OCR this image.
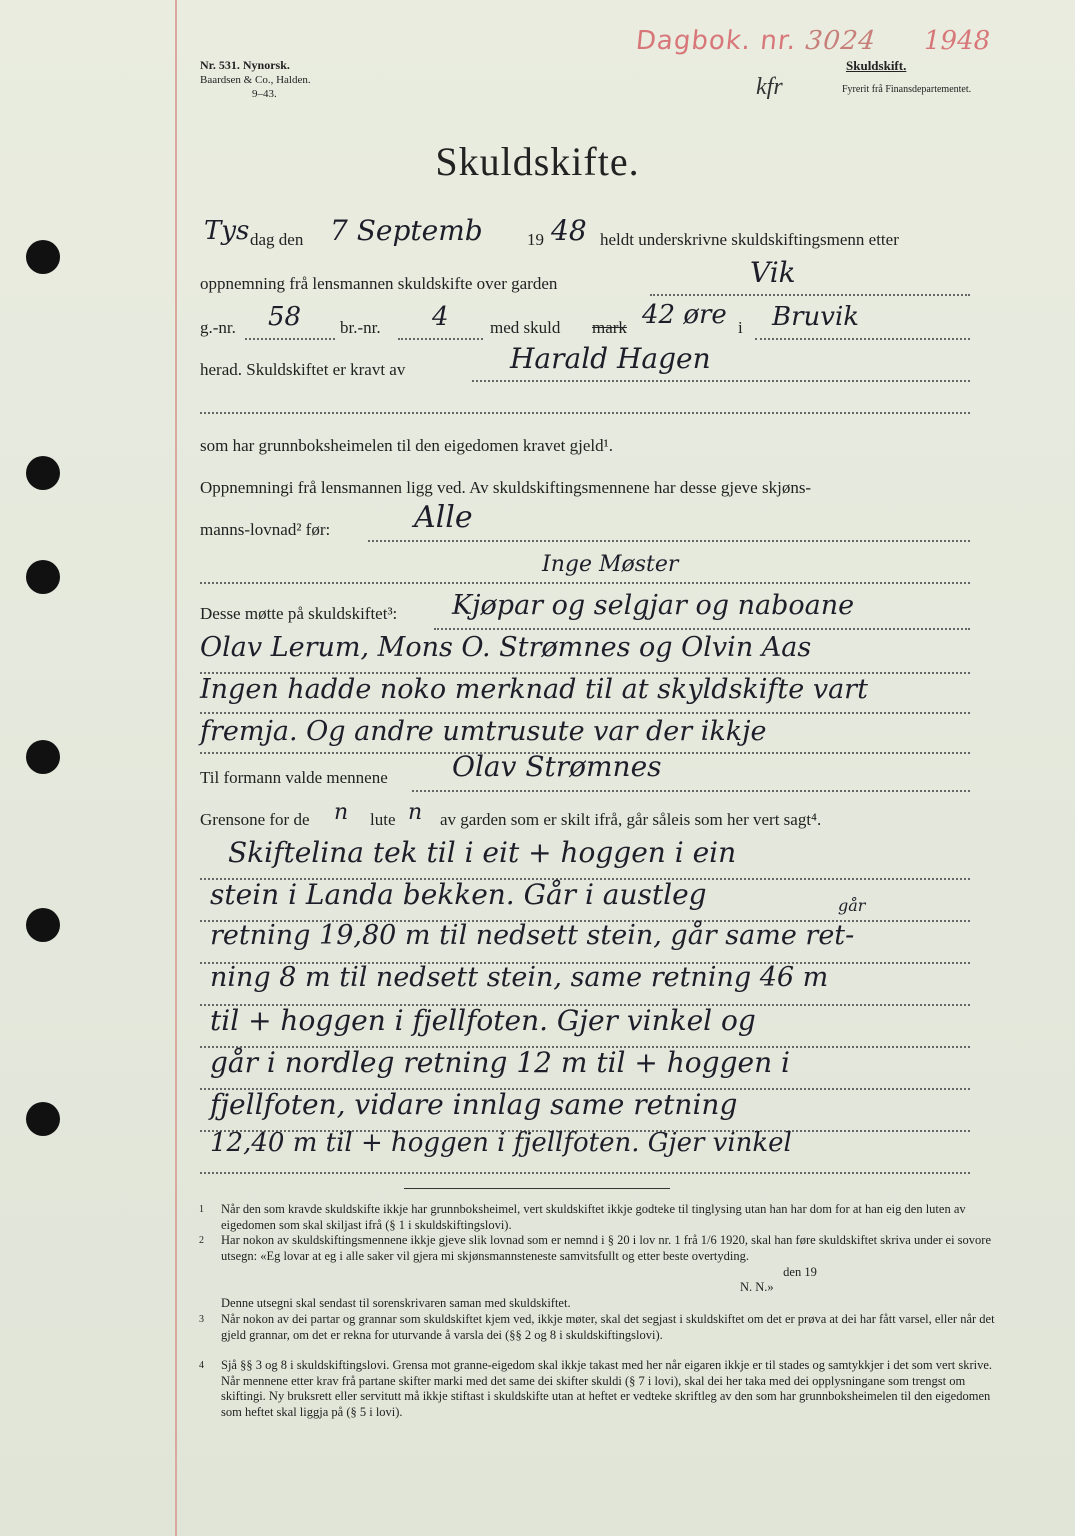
Nr. 531. Nynorsk.
Baardsen & Co., Halden.
9–43.
Dagbok. nr. 3024 1948
Skuldskift.
Fyrerit frå Finansdepartementet.
kfr
Skuldskifte.
Tys dag den 7 Septemb	19 48 heldt underskrivne skuldskiftingsmenn etter
oppnemning frå lensmannen skuldskifte over garden	Vik
g.-nr. 58 br.-nr. 4 med skuld mark 42 øre i Bruvik
herad. Skuldskiftet er kravt av	Harald Hagen
som har grunnboksheimelen til den eigedomen kravet gjeld¹.
Oppnemningi frå lensmannen ligg ved. Av skuldskiftingsmennene har desse gjeve skjøns-
manns-lovnad² før:	Alle
Inge Møster
Desse møtte på skuldskiftet³: Kjøpar og selgjar og naboane
Olav Lerum, Mons O. Strømnes og Olvin Aas
Ingen hadde noko merknad til at skyldskifte vart
fremja. Og andre umtrusute var der ikkje
Til formann valde mennene Olav Strømnes
Grensone for de n lute n av garden som er skilt ifrå, går såleis som her vert sagt⁴.
Skiftelina tek til i eit + hoggen i ein
stein i Landa bekken. Går i austleg	går
retning 19,80 m til nedsett stein, går same ret-
ning 8 m til nedsett stein, same retning 46 m
til + hoggen i fjellfoten. Gjer vinkel og
går i nordleg retning 12 m til + hoggen i
fjellfoten, vidare innlag same retning
12,40 m til + hoggen i fjellfoten. Gjer vinkel
1 Når den som kravde skuldskifte ikkje har grunnboksheimel, vert skuldskiftet ikkje godteke til tinglysing utan han har dom for at han eig den luten av eigedomen som skal skiljast ifrå (§ 1 i skuldskiftingslovi).
2 Har nokon av skuldskiftingsmennene ikkje gjeve slik lovnad som er nemnd i § 20 i lov nr. 1 frå 1/6 1920, skal han føre skuldskiftet skriva under ei sovore utsegn: «Eg lovar at eg i alle saker vil gjera mi skjønsmannsteneste samvitsfullt og etter beste overtyding.
den 19
N. N.»
Denne utsegni skal sendast til sorenskrivaren saman med skuldskiftet.
3 Når nokon av dei partar og grannar som skuldskiftet kjem ved, ikkje møter, skal det segjast i skuldskiftet om det er prøva at dei har fått varsel, eller når det gjeld grannar, om det er rekna for uturvande å varsla dei (§§ 2 og 8 i skuldskiftingslovi).
4 Sjå §§ 3 og 8 i skuldskiftingslovi. Grensa mot granne-eigedom skal ikkje takast med her når eigaren ikkje er til stades og samtykkjer i det som vert skrive. Når mennene etter krav frå partane skifter marki med det same dei skifter skuldi (§ 7 i lovi), skal dei her taka med dei opplysningane som trengst om skiftingi. Ny bruksrett eller servitutt må ikkje stiftast i skuldskifte utan at heftet er vedteke skriftleg av den som har grunnboksheimelen til den eigedomen som heftet skal liggja på (§ 5 i lovi).
